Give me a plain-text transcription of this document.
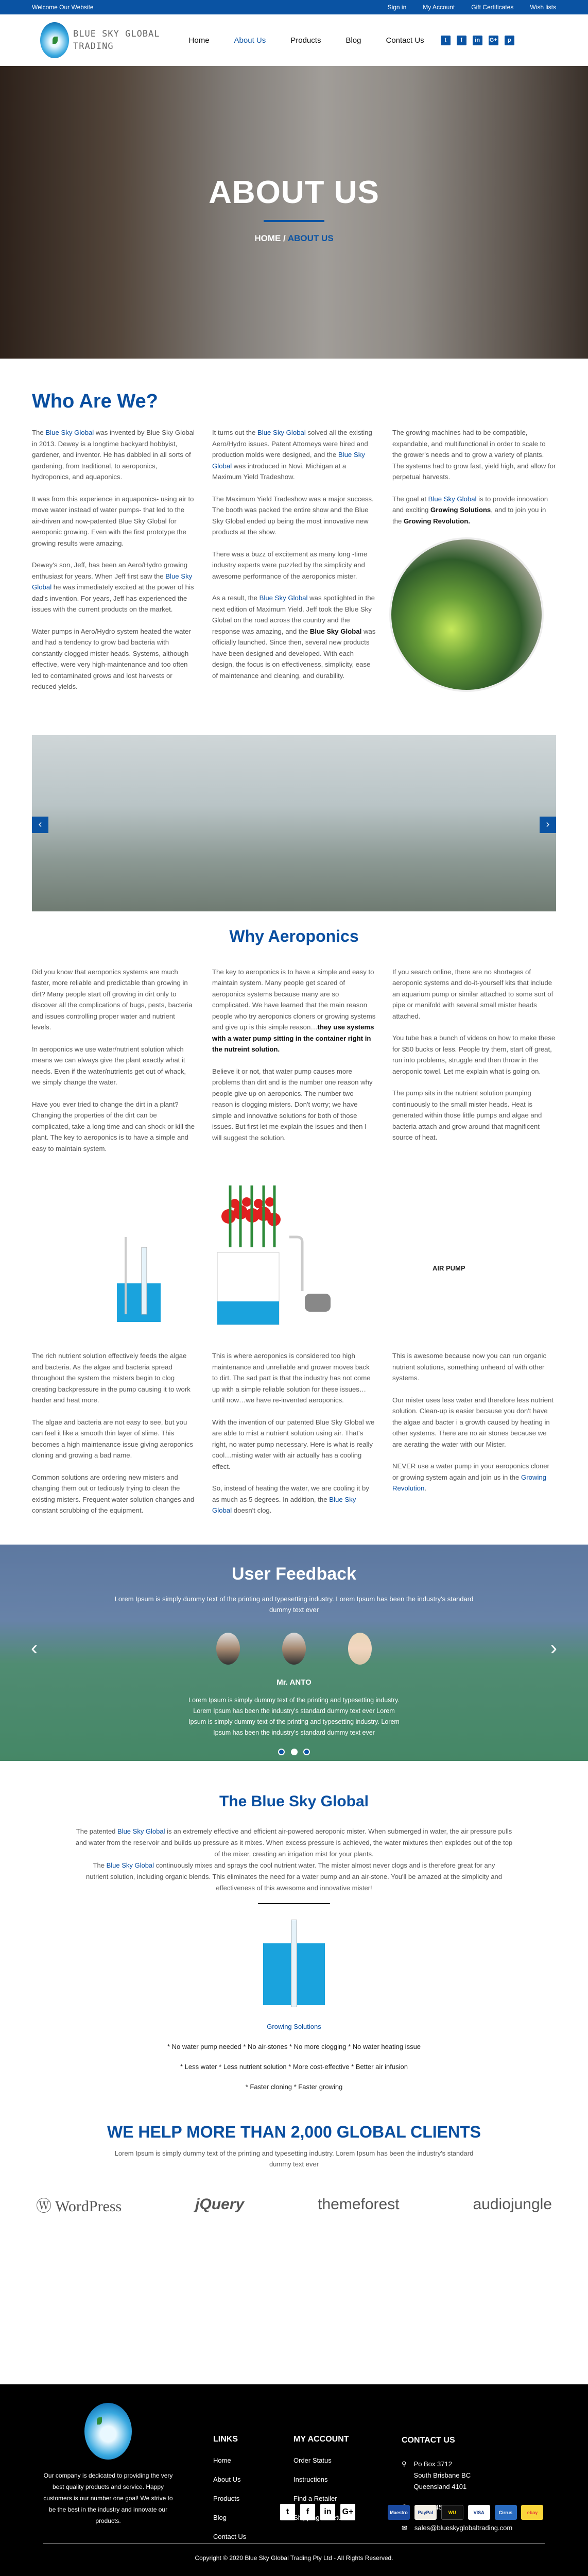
Welcome Our Website	Sign in	My Account	Gift Certificates	Wish lists
BLUE SKY GLOBAL
TRADING
Home	About Us	Products	Blog	Contact Us	t	f	in	G+	p
ABOUT US
HOME / ABOUT US
Who Are We?

The Blue Sky Global was invented by Blue Sky Global in 2013. Dewey is a longtime backyard hobbyist, gardener, and inventor. He has dabbled in all sorts of gardening, from traditional, to aeroponics, hydroponics, and aquaponics.

It was from this experience in aquaponics- using air to move water instead of water pumps- that led to the air-driven and now-patented Blue Sky Global for aeroponic growing. Even with the first prototype the growing results were amazing.

Dewey's son, Jeff, has been an Aero/Hydro growing enthusiast for years. When Jeff first saw the Blue Sky Global he was immediately excited at the power of his dad's invention. For years, Jeff has experienced the issues with the current products on the market.

Water pumps in Aero/Hydro system heated the water and had a tendency to grow bad bacteria with constantly clogged mister heads. Systems, although effective, were very high-maintenance and too often led to contaminated grows and lost harvests or reduced yields.

It turns out the Blue Sky Global solved all the existing Aero/Hydro issues. Patent Attorneys were hired and production molds were designed, and the Blue Sky Global was introduced in Novi, Michigan at a Maximum Yield Tradeshow.

The Maximum Yield Tradeshow was a major success. The booth was packed the entire show and the Blue Sky Global ended up being the most innovative new products at the show.

There was a buzz of excitement as many long -time industry experts were puzzled by the simplicity and awesome performance of the aeroponics mister.

As a result, the Blue Sky Global was spotlighted in the next edition of Maximum Yield. Jeff took the Blue Sky Global on the road across the country and the response was amazing, and the Blue Sky Global was officially launched. Since then, several new products have been designed and developed. With each design, the focus is on effectiveness, simplicity, ease of maintenance and cleaning, and durability.

The growing machines had to be compatible, expandable, and multifunctional in order to scale to the grower's needs and to grow a variety of plants. The systems had to grow fast, yield high, and allow for perpetual harvests.

The goal at Blue Sky Global is to provide innovation and exciting Growing Solutions, and to join you in the Growing Revolution.

‹	›
Why Aeroponics

Did you know that aeroponics systems are much faster, more reliable and predictable than growing in dirt? Many people start off growing in dirt only to discover all the complications of bugs, pests, bacteria and issues controlling proper water and nutrient levels.

In aeroponics we use water/nutrient solution which means we can always give the plant exactly what it needs. Even if the water/nutrients get out of whack, we simply change the water.

Have you ever tried to change the dirt in a plant? Changing the properties of the dirt can be complicated, take a long time and can shock or kill the plant. The key to aeroponics is to have a simple and easy to maintain system.

The key to aeroponics is to have a simple and easy to maintain system. Many people get scared of aeroponics systems because many are so complicated. We have learned that the main reason people who try aeroponics cloners or growing systems and give up is this simple reason…they use systems with a water pump sitting in the container right in the nutreint solution.

Believe it or not, that water pump causes more problems than dirt and is the number one reason why people give up on aeroponics. The number two reason is clogging misters. Don't worry; we have simple and innovative solutions for both of those issues. But first let me explain the issues and then I will suggest the solution.

If you search online, there are no shortages of aeroponic systems and do-it-yourself kits that include an aquarium pump or similar attached to some sort of pipe or manifold with several small mister heads attached.

You tube has a bunch of videos on how to make these for $50 bucks or less. People try them, start off great, run into problems, struggle and then throw in the aeroponic towel. Let me explain what is going on.

The pump sits in the nutrient solution pumping continuously to the small mister heads. Heat is generated within those little pumps and algae and bacteria attach and grow around that magnificent source of heat.

AIR PUMP

The rich nutrient solution effectively feeds the algae and bacteria. As the algae and bacteria spread throughout the system the misters begin to clog creating backpressure in the pump causing it to work harder and heat more.

The algae and bacteria are not easy to see, but you can feel it like a smooth thin layer of slime. This becomes a high maintenance issue giving aeroponics cloning and growing a bad name.

Common solutions are ordering new misters and changing them out or tediously trying to clean the existing misters. Frequent water solution changes and constant scrubbing of the equipment.

This is where aeroponics is considered too high maintenance and unreliable and grower moves back to dirt. The sad part is that the industry has not come up with a simple reliable solution for these issues…until now…we have re-invented aeroponics.

With the invention of our patented Blue Sky Global we are able to mist a nutrient solution using air. That's right, no water pump necessary. Here is what is really cool…misting water with air actually has a cooling effect.

So, instead of heating the water, we are cooling it by as much as 5 degrees. In addition, the Blue Sky Global doesn't clog.

This is awesome because now you can run organic nutrient solutions, something unheard of with other systems.

Our mister uses less water and therefore less nutrient solution. Clean-up is easier because you don't have the algae and bacter i a growth caused by heating in other systems. There are no air stones because we are aerating the water with our Mister.

NEVER use a water pump in your aeroponics cloner or growing system again and join us in the Growing Revolution.

User Feedback

Lorem Ipsum is simply dummy text of the printing and typesetting industry. Lorem Ipsum has been the industry's standard dummy text ever

‹	›
Mr. ANTO

Lorem Ipsum is simply dummy text of the printing and typesetting industry. Lorem Ipsum has been the industry's standard dummy text ever Lorem Ipsum is simply dummy text of the printing and typesetting industry. Lorem Ipsum has been the industry's standard dummy text ever

The Blue Sky Global

The patented Blue Sky Global is an extremely effective and efficient air-powered aeroponic mister. When submerged in water, the air pressure pulls and water from the reservoir and builds up pressure as it mixes. When excess pressure is achieved, the water mixtures then explodes out of the top of the mixer, creating an irrigation mist for your plants.

The Blue Sky Global continuously mixes and sprays the cool nutrient water. The mister almost never clogs and is therefore great for any nutrient solution, including organic blends. This eliminates the need for a water pump and an air-stone. You'll be amazed at the simplicity and effectiveness of this awesome and innovative mister!

Growing Solutions

* No water pump needed * No air-stones * No more clogging * No water heating issue

* Less water * Less nutrient solution * More cost-effective * Better air infusion

* Faster cloning * Faster growing

WE HELP MORE THAN 2,000 GLOBAL CLIENTS

Lorem Ipsum is simply dummy text of the printing and typesetting industry. Lorem Ipsum has been the industry's standard dummy text ever

Ⓦ WordPress	jQuery	themeforest	audiojungle

Our company is dedicated to providing the very best quality products and service. Happy customers is our number one goal! We strive to be the best in the industry and innovate our products.

LINKS
Home
About Us
Products
Blog
Contact Us
MY ACCOUNT
Order Status
Instructions
Find a Retailer
Returns
CONTACT US
⚲ Po Box 3712
South Brisbane BC
Queensland 4101
945
✉ sales@blueskyglobaltrading.com
t f in G+	Maestro PayPal	WU	VISA	Cirrus	ebay

Copyright © 2020 Blue Sky Global Trading Pty Ltd - All Rights Reserved.
